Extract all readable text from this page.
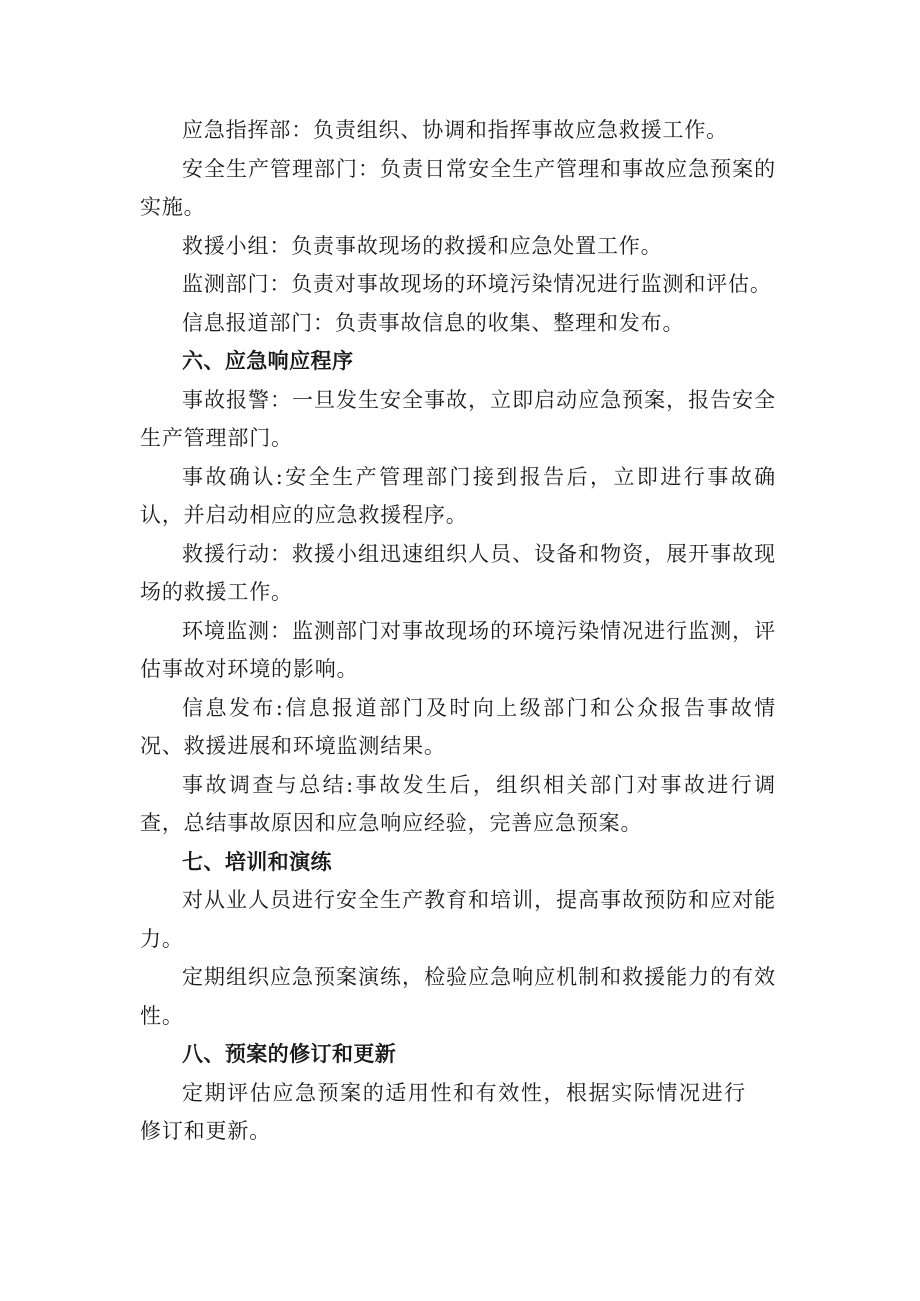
应急指挥部：负责组织、协调和指挥事故应急救援工作。

安全生产管理部门：负责日常安全生产管理和事故应急预案的实施。

救援小组：负责事故现场的救援和应急处置工作。

监测部门：负责对事故现场的环境污染情况进行监测和评估。

信息报道部门：负责事故信息的收集、整理和发布。

六、应急响应程序

事故报警：一旦发生安全事故，立即启动应急预案，报告安全生产管理部门。

事故确认:安全生产管理部门接到报告后，立即进行事故确认，并启动相应的应急救援程序。

救援行动：救援小组迅速组织人员、设备和物资，展开事故现场的救援工作。

环境监测：监测部门对事故现场的环境污染情况进行监测，评估事故对环境的影响。

信息发布:信息报道部门及时向上级部门和公众报告事故情况、救援进展和环境监测结果。

事故调查与总结:事故发生后，组织相关部门对事故进行调查，总结事故原因和应急响应经验，完善应急预案。

七、培训和演练

对从业人员进行安全生产教育和培训，提高事故预防和应对能力。

定期组织应急预案演练，检验应急响应机制和救援能力的有效性。

八、预案的修订和更新

定期评估应急预案的适用性和有效性，根据实际情况进行修订和更新。
